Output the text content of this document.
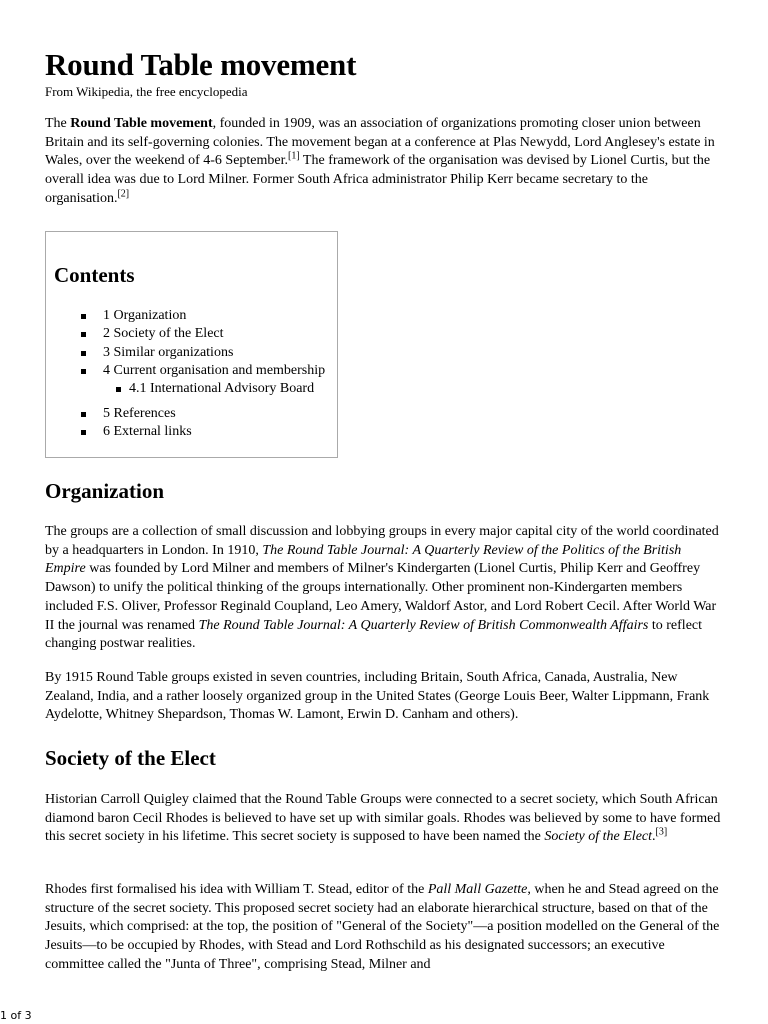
Round Table movement

From Wikipedia, the free encyclopedia

The Round Table movement, founded in 1909, was an association of organizations promoting closer union between Britain and its self-governing colonies. The movement began at a conference at Plas Newydd, Lord Anglesey's estate in Wales, over the weekend of 4-6 September.[1] The framework of the organisation was devised by Lionel Curtis, but the overall idea was due to Lord Milner. Former South Africa administrator Philip Kerr became secretary to the organisation.[2]

Contents
1 Organization
2 Society of the Elect
3 Similar organizations
4 Current organisation and membership
4.1 International Advisory Board
5 References
6 External links
Organization

The groups are a collection of small discussion and lobbying groups in every major capital city of the world coordinated by a headquarters in London. In 1910, The Round Table Journal: A Quarterly Review of the Politics of the British Empire was founded by Lord Milner and members of Milner's Kindergarten (Lionel Curtis, Philip Kerr and Geoffrey Dawson) to unify the political thinking of the groups internationally. Other prominent non-Kindergarten members included F.S. Oliver, Professor Reginald Coupland, Leo Amery, Waldorf Astor, and Lord Robert Cecil. After World War II the journal was renamed The Round Table Journal: A Quarterly Review of British Commonwealth Affairs to reflect changing postwar realities.

By 1915 Round Table groups existed in seven countries, including Britain, South Africa, Canada, Australia, New Zealand, India, and a rather loosely organized group in the United States (George Louis Beer, Walter Lippmann, Frank Aydelotte, Whitney Shepardson, Thomas W. Lamont, Erwin D. Canham and others).

Society of the Elect

Historian Carroll Quigley claimed that the Round Table Groups were connected to a secret society, which South African diamond baron Cecil Rhodes is believed to have set up with similar goals. Rhodes was believed by some to have formed this secret society in his lifetime. This secret society is supposed to have been named the Society of the Elect.[3]

Rhodes first formalised his idea with William T. Stead, editor of the Pall Mall Gazette, when he and Stead agreed on the structure of the secret society. This proposed secret society had an elaborate hierarchical structure, based on that of the Jesuits, which comprised: at the top, the position of "General of the Society"—a position modelled on the General of the Jesuits—to be occupied by Rhodes, with Stead and Lord Rothschild as his designated successors; an executive committee called the "Junta of Three", comprising Stead, Milner and

1 of 3
